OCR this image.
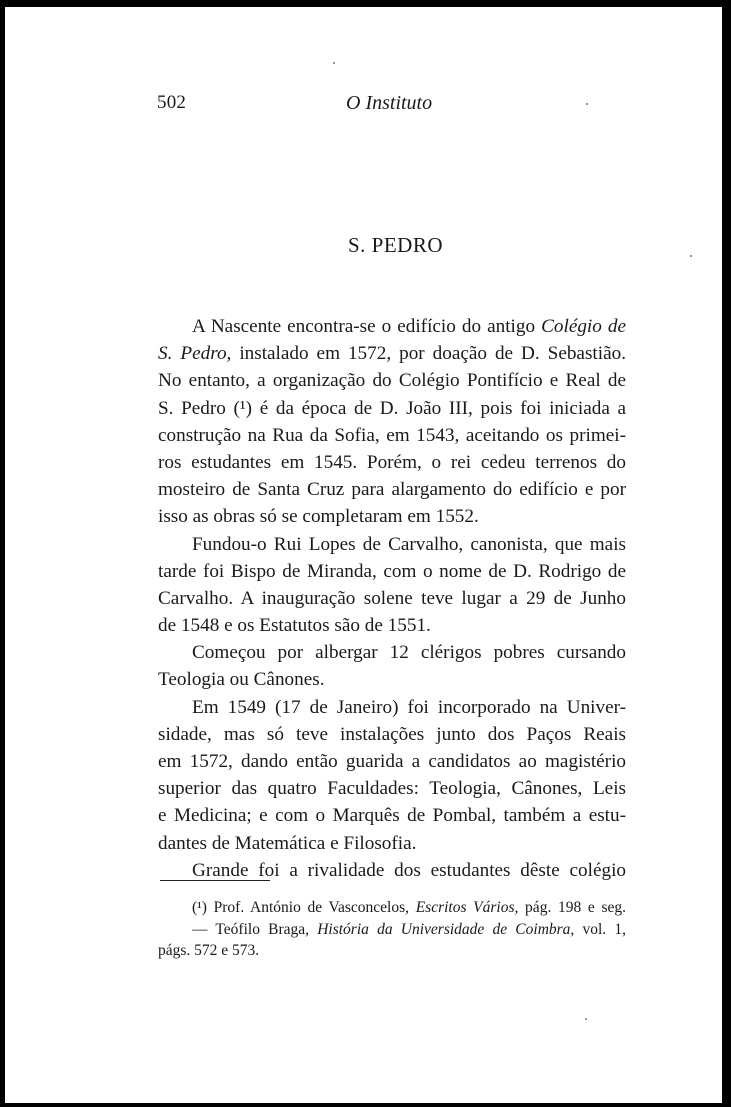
502	O Instituto
S. PEDRO
A Nascente encontra-se o edifício do antigo Colégio de
S. Pedro, instalado em 1572, por doação de D. Sebastião.
No entanto, a organização do Colégio Pontifício e Real de
S. Pedro (¹) é da época de D. João III, pois foi iniciada a
construção na Rua da Sofia, em 1543, aceitando os primei-
ros estudantes em 1545. Porém, o rei cedeu terrenos do
mosteiro de Santa Cruz para alargamento do edifício e por
isso as obras só se completaram em 1552.
Fundou-o Rui Lopes de Carvalho, canonista, que mais
tarde foi Bispo de Miranda, com o nome de D. Rodrigo de
Carvalho. A inauguração solene teve lugar a 29 de Junho
de 1548 e os Estatutos são de 1551.
Começou por albergar 12 clérigos pobres cursando
Teologia ou Cânones.
Em 1549 (17 de Janeiro) foi incorporado na Univer-
sidade, mas só teve instalações junto dos Paços Reais
em 1572, dando então guarida a candidatos ao magistério
superior das quatro Faculdades: Teologia, Cânones, Leis
e Medicina; e com o Marquês de Pombal, também a estu-
dantes de Matemática e Filosofia.
Grande foi a rivalidade dos estudantes dêste colégio
(¹) Prof. António de Vasconcelos, Escritos Vários, pág. 198 e seg.
— Teófilo Braga, História da Universidade de Coimbra, vol. 1,
págs. 572 e 573.
